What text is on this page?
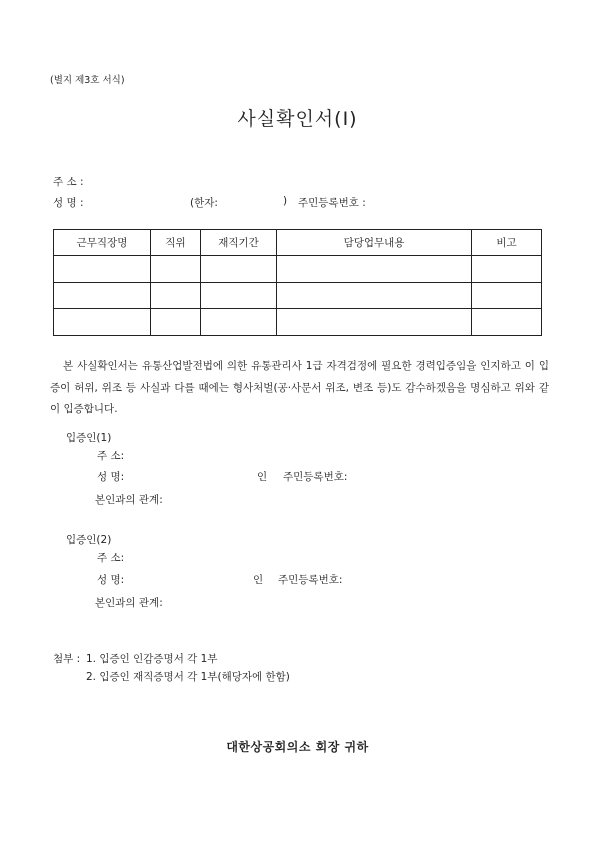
(별지 제3호 서식)
사실확인서(Ⅰ)
주 소 :
성 명 :	(한자:	) 주민등록번호 :
근무직장명	직위	재직기간	담당업무내용	비고

본 사실확인서는 유통산업발전법에 의한 유통관리사 1급 자격검정에 필요한 경력입증임을 인지하고 이 입증이 허위, 위조 등 사실과 다를 때에는 형사처벌(공·사문서 위조, 변조 등)도 감수하겠음을 명심하고 위와 같이 입증합니다.
입증인(1)
주 소:
성 명:	인 주민등록번호:
본인과의 관계:
입증인(2)
주 소:
성 명:	인 주민등록번호:
본인과의 관계:
첨부 : 1. 입증인 인감증명서 각 1부
2. 입증인 재직증명서 각 1부(해당자에 한함)
대한상공회의소 회장 귀하
